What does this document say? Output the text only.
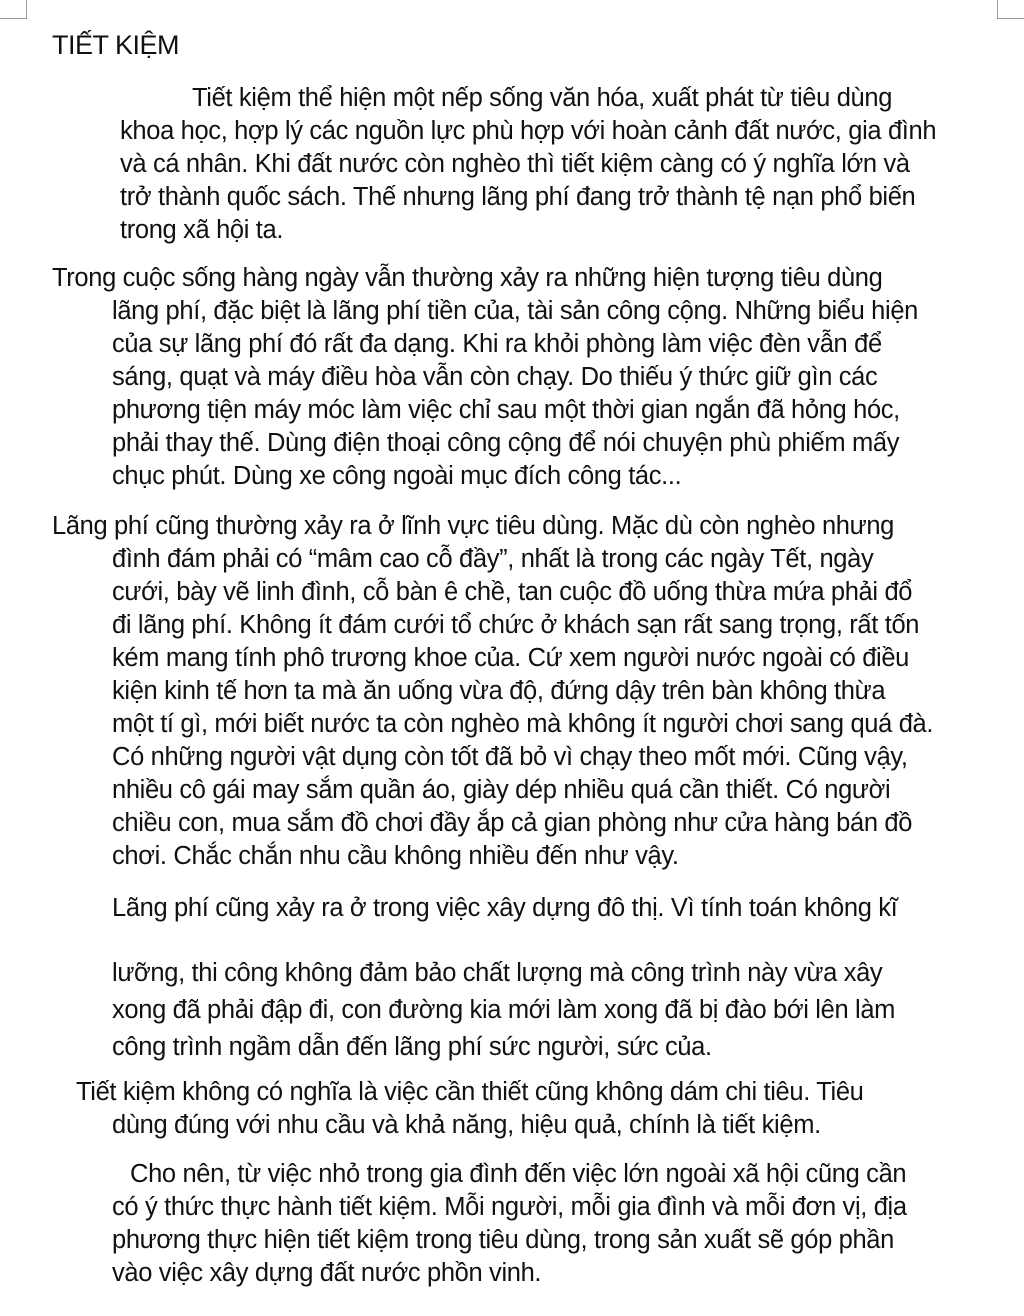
TIẾT KIỆM

Tiết kiệm thể hiện một nếp sống văn hóa, xuất phát từ tiêu dùng
khoa học, hợp lý các nguồn lực phù hợp với hoàn cảnh đất nước, gia đình
và cá nhân. Khi đất nước còn nghèo thì tiết kiệm càng có ý nghĩa lớn và
trở thành quốc sách. Thế nhưng lãng phí đang trở thành tệ nạn phổ biến
trong xã hội ta.

Trong cuộc sống hàng ngày vẫn thường xảy ra những hiện tượng tiêu dùng
lãng phí, đặc biệt là lãng phí tiền của, tài sản công cộng. Những biểu hiện
của sự lãng phí đó rất đa dạng. Khi ra khỏi phòng làm việc đèn vẫn để
sáng, quạt và máy điều hòa vẫn còn chạy. Do thiếu ý thức giữ gìn các
phương tiện máy móc làm việc chỉ sau một thời gian ngắn đã hỏng hóc,
phải thay thế. Dùng điện thoại công cộng để nói chuyện phù phiếm mấy
chục phút. Dùng xe công ngoài mục đích công tác...

Lãng phí cũng thường xảy ra ở lĩnh vực tiêu dùng. Mặc dù còn nghèo nhưng
đình đám phải có “mâm cao cỗ đầy”, nhất là trong các ngày Tết, ngày
cưới, bày vẽ linh đình, cỗ bàn ê chề, tan cuộc đồ uống thừa mứa phải đổ
đi lãng phí. Không ít đám cưới tổ chức ở khách sạn rất sang trọng, rất tốn
kém mang tính phô trương khoe của. Cứ xem người nước ngoài có điều
kiện kinh tế hơn ta mà ăn uống vừa độ, đứng dậy trên bàn không thừa
một tí gì, mới biết nước ta còn nghèo mà không ít người chơi sang quá đà.
Có những người vật dụng còn tốt đã bỏ vì chạy theo mốt mới. Cũng vậy,
nhiều cô gái may sắm quần áo, giày dép nhiều quá cần thiết. Có người
chiều con, mua sắm đồ chơi đầy ắp cả gian phòng như cửa hàng bán đồ
chơi. Chắc chắn nhu cầu không nhiều đến như vậy.

Lãng phí cũng xảy ra ở trong việc xây dựng đô thị. Vì tính toán không kĩ

lưỡng, thi công không đảm bảo chất lượng mà công trình này vừa xây
xong đã phải đập đi, con đường kia mới làm xong đã bị đào bới lên làm
công trình ngầm dẫn đến lãng phí sức người, sức của.

Tiết kiệm không có nghĩa là việc cần thiết cũng không dám chi tiêu. Tiêu
dùng đúng với nhu cầu và khả năng, hiệu quả, chính là tiết kiệm.

Cho nên, từ việc nhỏ trong gia đình đến việc lớn ngoài xã hội cũng cần
có ý thức thực hành tiết kiệm. Mỗi người, mỗi gia đình và mỗi đơn vị, địa
phương thực hiện tiết kiệm trong tiêu dùng, trong sản xuất sẽ góp phần
vào việc xây dựng đất nước phồn vinh.
